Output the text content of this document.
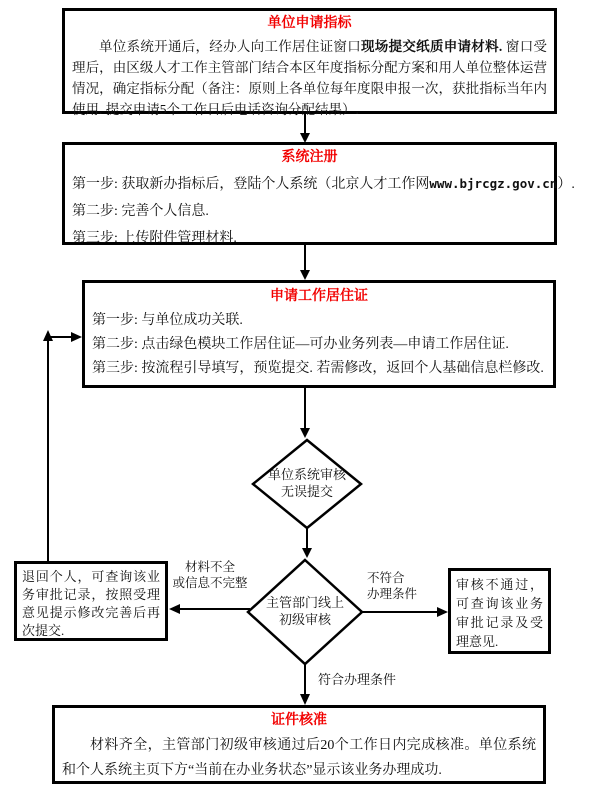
单位申请指标

单位系统开通后，经办人向工作居住证窗口现场提交纸质申请材料. 窗口受理后，由区级人才工作主管部门结合本区年度指标分配方案和用人单位整体运营情况，确定指标分配（备注：原则上各单位每年度限申报一次，获批指标当年内使用. 提交申请5个工作日后电话咨询分配结果）.

系统注册

第一步: 获取新办指标后，登陆个人系统（北京人才工作网www.bjrcgz.gov.cn）.

第二步: 完善个人信息.

第三步: 上传附件管理材料.

申请工作居住证

第一步: 与单位成功关联.

第二步: 点击绿色模块工作居住证—可办业务列表—申请工作居住证.

第三步: 按流程引导填写，预览提交. 若需修改，返回个人基础信息栏修改.

单位系统审核
无误提交
主管部门线上
初级审核
材料不全
或信息不完整	不符合
办理条件
符合办理条件

退回个人，可查询该业务审批记录，按照受理意见提示修改完善后再次提交.

审核不通过，可查询该业务审批记录及受理意见.

证件核准

材料齐全，主管部门初级审核通过后20个工作日内完成核准。单位系统和个人系统主页下方“当前在办业务状态”显示该业务办理成功.
